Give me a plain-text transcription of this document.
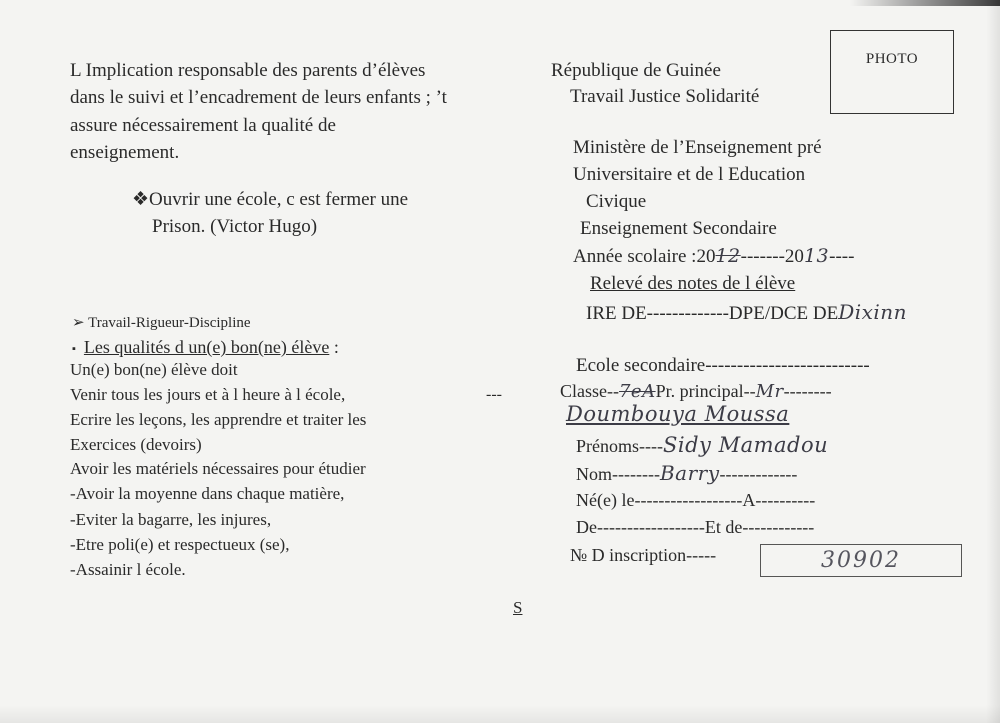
L Implication responsable des parents d’élèves
dans le suivi et l’encadrement de leurs enfants ; ’t
assure nécessairement la qualité de
enseignement.
❖Ouvrir une école, c est fermer une
Prison. (Victor Hugo)
➢ Travail-Rigueur-Discipline
▪ Les qualités d un(e) bon(ne) élève :
Un(e) bon(ne) élève doit
Venir tous les jours et à l heure à l école,
Ecrire les leçons, les apprendre et traiter les
Exercices (devoirs)
Avoir les matériels nécessaires pour étudier
-Avoir la moyenne dans chaque matière,
-Eviter la bagarre, les injures,
-Etre poli(e) et respectueux (se),
-Assainir l école.
---
S
République de Guinée
Travail Justice Solidarité
PHOTO
Ministère de l’Enseignement pré
Universitaire et de l Education
Civique
Enseignement Secondaire
Année scolaire :2012-------2013----
Relevé des notes de l élève
IRE DE-------------DPE/DCE DEDixinn
Ecole secondaire--------------------------
Classe--7eAPr. principal--Mr--------
Doumbouya Moussa
Prénoms----Sidy Mamadou
Nom--------Barry-------------
Né(e) le------------------A----------
De------------------Et de------------
№ D inscription-----	30902
